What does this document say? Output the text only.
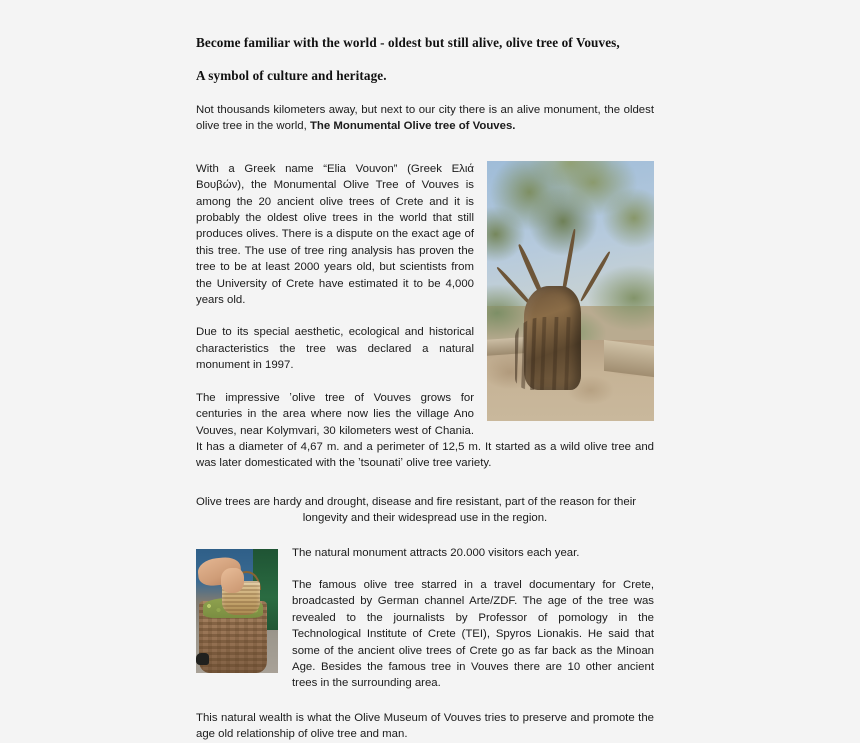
Become familiar with the world - oldest but still alive, olive tree of Vouves,
A symbol of culture and heritage.

Not thousands kilometers away, but next to our city there is an alive monument, the oldest olive tree in the world, The Monumental Olive tree of Vouves.

With a Greek name “Elia Vouvon” (Greek Ελιά Βουβών), the Monumental Olive Tree of Vouves is among the 20 ancient olive trees of Crete and it is probably the oldest olive trees in the world that still produces olives. There is a dispute on the exact age of this tree. The use of tree ring analysis has proven the tree to be at least 2000 years old, but scientists from the University of Crete have estimated it to be 4,000 years old.

Due to its special aesthetic, ecological and historical characteristics the tree was declared a natural monument in 1997.

The impressive ʼolive tree of Vouves grows for centuries in the area where now lies the village Ano Vouves, near Kolymvari, 30 kilometers west of Chania. It has a diameter of 4,67 m. and a perimeter of 12,5 m. It started as a wild olive tree and was later domesticated with the ʼtsounatiʼ olive tree variety.

Olive trees are hardy and drought, disease and fire resistant, part of the reason for their
longevity and their widespread use in the region.

The natural monument attracts 20.000 visitors each year.

The famous olive tree starred in a travel documentary for Crete, broadcasted by German channel Arte/ZDF. The age of the tree was revealed to the journalists by Professor of pomology in the Technological Institute of Crete (TEI), Spyros Lionakis. He said that some of the ancient olive trees of Crete go as far back as the Minoan Age. Besides the famous tree in Vouves there are 10 other ancient trees in the surrounding area.

This natural wealth is what the Olive Museum of Vouves tries to preserve and promote the age old relationship of olive tree and man.
